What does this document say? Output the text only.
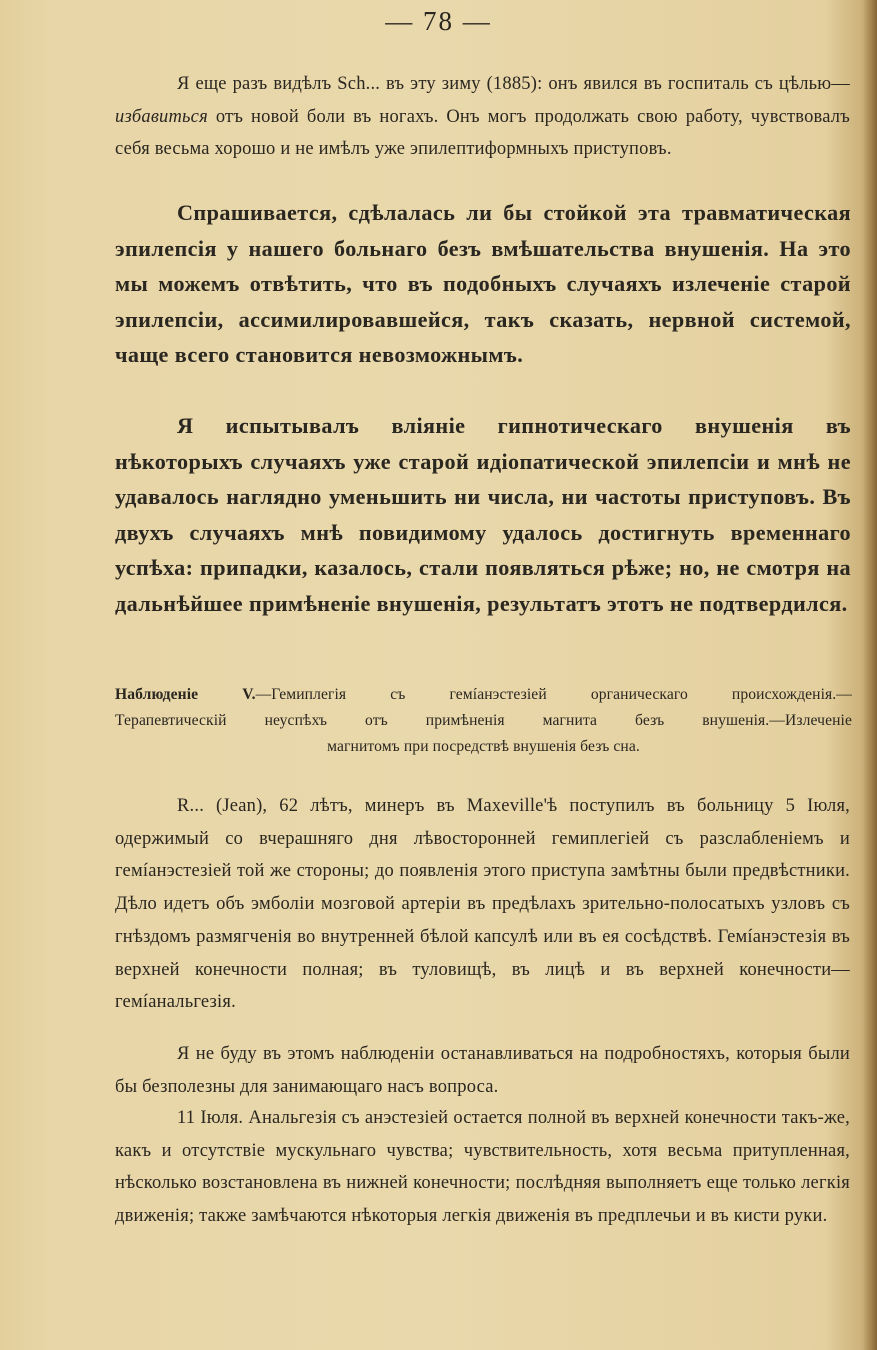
— 78 —
Я еще разъ видѣлъ Sch... въ эту зиму (1885): онъ явился въ госпиталь съ цѣлью—избавиться отъ новой боли въ ногахъ. Онъ могъ продолжать свою работу, чувствовалъ себя весьма хорошо и не имѣлъ уже эпилептиформныхъ приступовъ.
Спрашивается, сдѣлалась ли бы стойкой эта травматическая эпилепсія у нашего больнаго безъ вмѣшательства внушенія. На это мы можемъ отвѣтить, что въ подобныхъ случаяхъ излеченіе старой эпилепсіи, ассимилировавшейся, такъ сказать, нервной системой, чаще всего становится невозможнымъ.
Я испытывалъ вліяніе гипнотическаго внушенія въ нѣкоторыхъ случаяхъ уже старой идіопатической эпилепсіи и мнѣ не удавалось наглядно уменьшить ни числа, ни частоты приступовъ. Въ двухъ случаяхъ мнѣ повидимому удалось достигнуть временнаго успѣха: припадки, казалось, стали появляться рѣже; но, не смотря на дальнѣйшее примѣненіе внушенія, результатъ этотъ не подтвердился.
Наблюденіе V.—Гемиплегія съ гемíанэстезіей органическаго происхожденія.—
Терапевтическій неуспѣхъ отъ примѣненія магнита безъ внушенія.—Излеченіе
магнитомъ при посредствѣ внушенія безъ сна.
R... (Jean), 62 лѣтъ, минеръ въ Maxeville'ѣ поступилъ въ больницу 5 Іюля, одержимый со вчерашняго дня лѣвосторонней гемиплегіей съ разслабленіемъ и гемíанэстезіей той же стороны; до появленія этого приступа замѣтны были предвѣстники. Дѣло идетъ объ эмболіи мозговой артеріи въ предѣлахъ зрительно-полосатыхъ узловъ съ гнѣздомъ размягченія во внутренней бѣлой капсулѣ или въ ея сосѣдствѣ. Гемíанэстезія въ верхней конечности полная; въ туловищѣ, въ лицѣ и въ верхней конечности—гемíанальгезія.
Я не буду въ этомъ наблюденіи останавливаться на подробностяхъ, которыя были бы безполезны для занимающаго насъ вопроса.
11 Іюля. Анальгезія съ анэстезіей остается полной въ верхней конечности такъ-же, какъ и отсутствіе мускульнаго чувства; чувствительность, хотя весьма притупленная, нѣсколько возстановлена въ нижней конечности; послѣдняя выполняетъ еще только легкія движенія; также замѣчаются нѣкоторыя легкія движенія въ предплечьи и въ кисти руки.
